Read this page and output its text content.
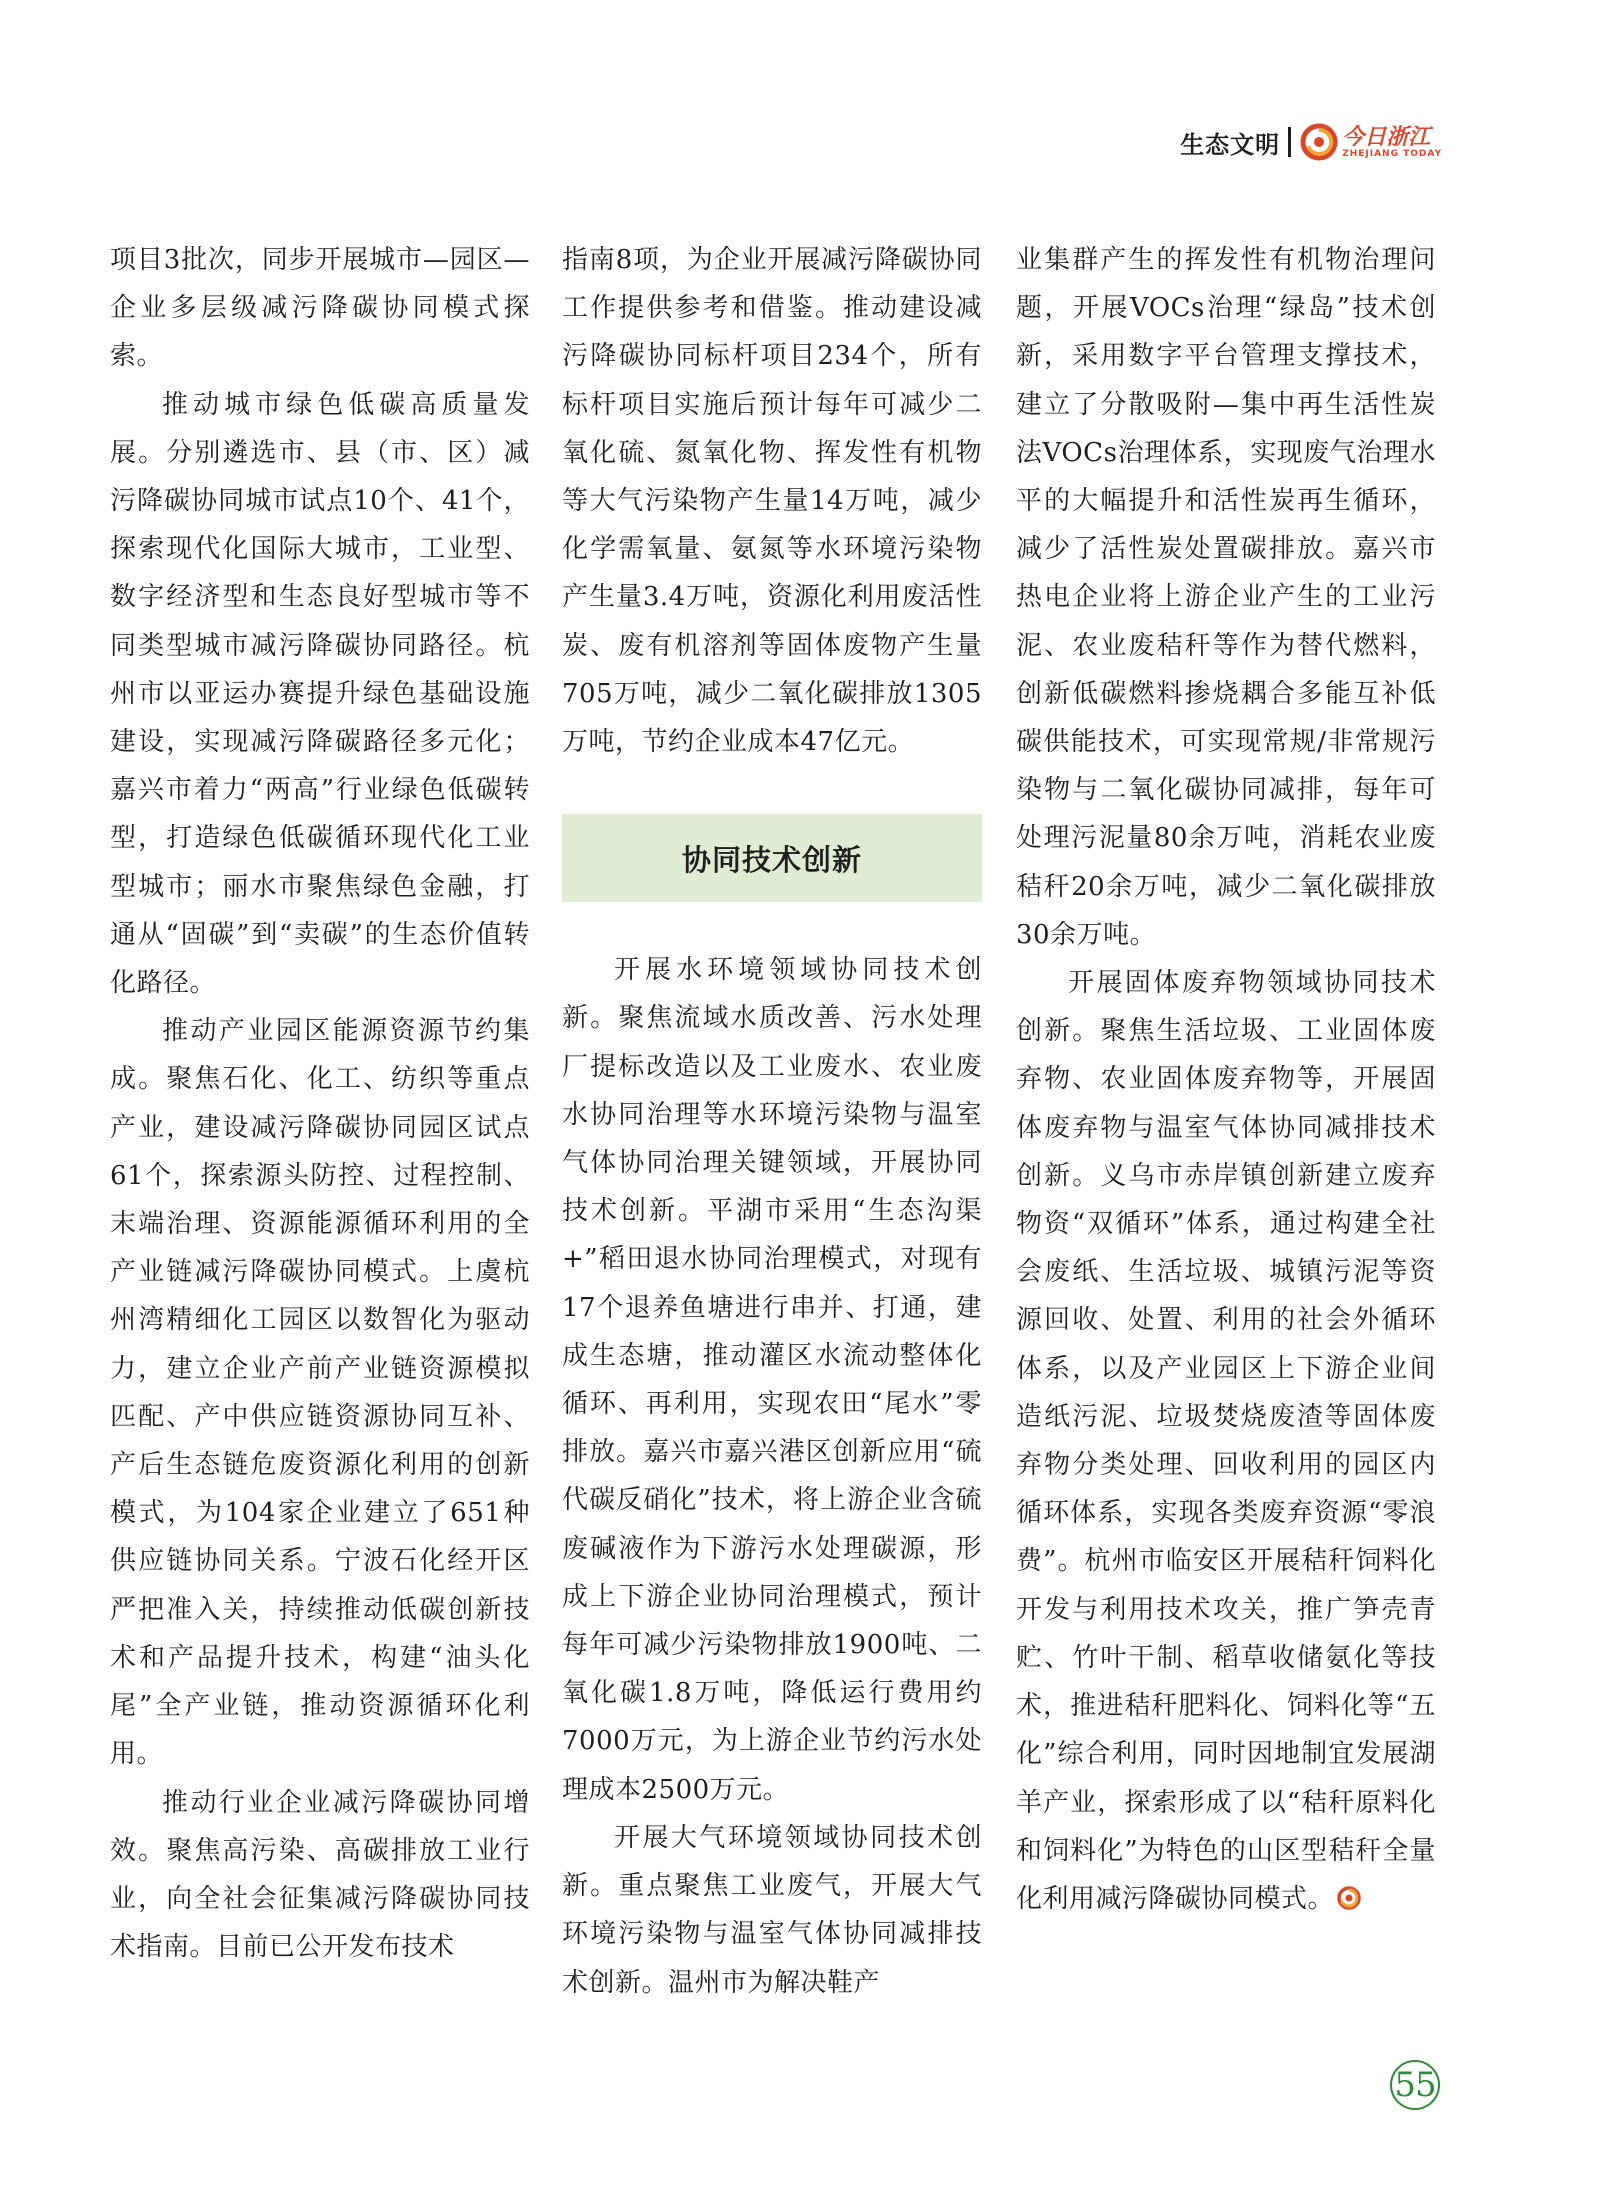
生态文明	今日浙江
ZHEJIANG TODAY

项目3批次，同步开展城市—园区—企业多层级减污降碳协同模式探索。

推动城市绿色低碳高质量发展。分别遴选市、县（市、区）减污降碳协同城市试点10个、41个，探索现代化国际大城市，工业型、数字经济型和生态良好型城市等不同类型城市减污降碳协同路径。杭州市以亚运办赛提升绿色基础设施建设，实现减污降碳路径多元化；嘉兴市着力“两高”行业绿色低碳转型，打造绿色低碳循环现代化工业型城市；丽水市聚焦绿色金融，打通从“固碳”到“卖碳”的生态价值转化路径。

推动产业园区能源资源节约集成。聚焦石化、化工、纺织等重点产业，建设减污降碳协同园区试点61个，探索源头防控、过程控制、末端治理、资源能源循环利用的全产业链减污降碳协同模式。上虞杭州湾精细化工园区以数智化为驱动力，建立企业产前产业链资源模拟匹配、产中供应链资源协同互补、产后生态链危废资源化利用的创新模式，为104家企业建立了651种供应链协同关系。宁波石化经开区严把准入关，持续推动低碳创新技术和产品提升技术，构建“油头化尾”全产业链，推动资源循环化利用。

推动行业企业减污降碳协同增效。聚焦高污染、高碳排放工业行业，向全社会征集减污降碳协同技术指南。目前已公开发布技术

指南8项，为企业开展减污降碳协同工作提供参考和借鉴。推动建设减污降碳协同标杆项目234个，所有标杆项目实施后预计每年可减少二氧化硫、氮氧化物、挥发性有机物等大气污染物产生量14万吨，减少化学需氧量、氨氮等水环境污染物产生量3.4万吨，资源化利用废活性炭、废有机溶剂等固体废物产生量705万吨，减少二氧化碳排放1305万吨，节约企业成本47亿元。

协同技术创新

开展水环境领域协同技术创新。聚焦流域水质改善、污水处理厂提标改造以及工业废水、农业废水协同治理等水环境污染物与温室气体协同治理关键领域，开展协同技术创新。平湖市采用“生态沟渠+”稻田退水协同治理模式，对现有17个退养鱼塘进行串并、打通，建成生态塘，推动灌区水流动整体化循环、再利用，实现农田“尾水”零排放。嘉兴市嘉兴港区创新应用“硫代碳反硝化”技术，将上游企业含硫废碱液作为下游污水处理碳源，形成上下游企业协同治理模式，预计每年可减少污染物排放1900吨、二氧化碳1.8万吨，降低运行费用约7000万元，为上游企业节约污水处理成本2500万元。

开展大气环境领域协同技术创新。重点聚焦工业废气，开展大气环境污染物与温室气体协同减排技术创新。温州市为解决鞋产

业集群产生的挥发性有机物治理问题，开展VOCs治理“绿岛”技术创新，采用数字平台管理支撑技术，建立了分散吸附—集中再生活性炭法VOCs治理体系，实现废气治理水平的大幅提升和活性炭再生循环，减少了活性炭处置碳排放。嘉兴市热电企业将上游企业产生的工业污泥、农业废秸秆等作为替代燃料，创新低碳燃料掺烧耦合多能互补低碳供能技术，可实现常规/非常规污染物与二氧化碳协同减排，每年可处理污泥量80余万吨，消耗农业废秸秆20余万吨，减少二氧化碳排放30余万吨。

开展固体废弃物领域协同技术创新。聚焦生活垃圾、工业固体废弃物、农业固体废弃物等，开展固体废弃物与温室气体协同减排技术创新。义乌市赤岸镇创新建立废弃物资“双循环”体系，通过构建全社会废纸、生活垃圾、城镇污泥等资源回收、处置、利用的社会外循环体系，以及产业园区上下游企业间造纸污泥、垃圾焚烧废渣等固体废弃物分类处理、回收利用的园区内循环体系，实现各类废弃资源“零浪费”。杭州市临安区开展秸秆饲料化开发与利用技术攻关，推广笋壳青贮、竹叶干制、稻草收储氨化等技术，推进秸秆肥料化、饲料化等“五化”综合利用，同时因地制宜发展湖羊产业，探索形成了以“秸秆原料化和饲料化”为特色的山区型秸秆全量化利用减污降碳协同模式。

55
